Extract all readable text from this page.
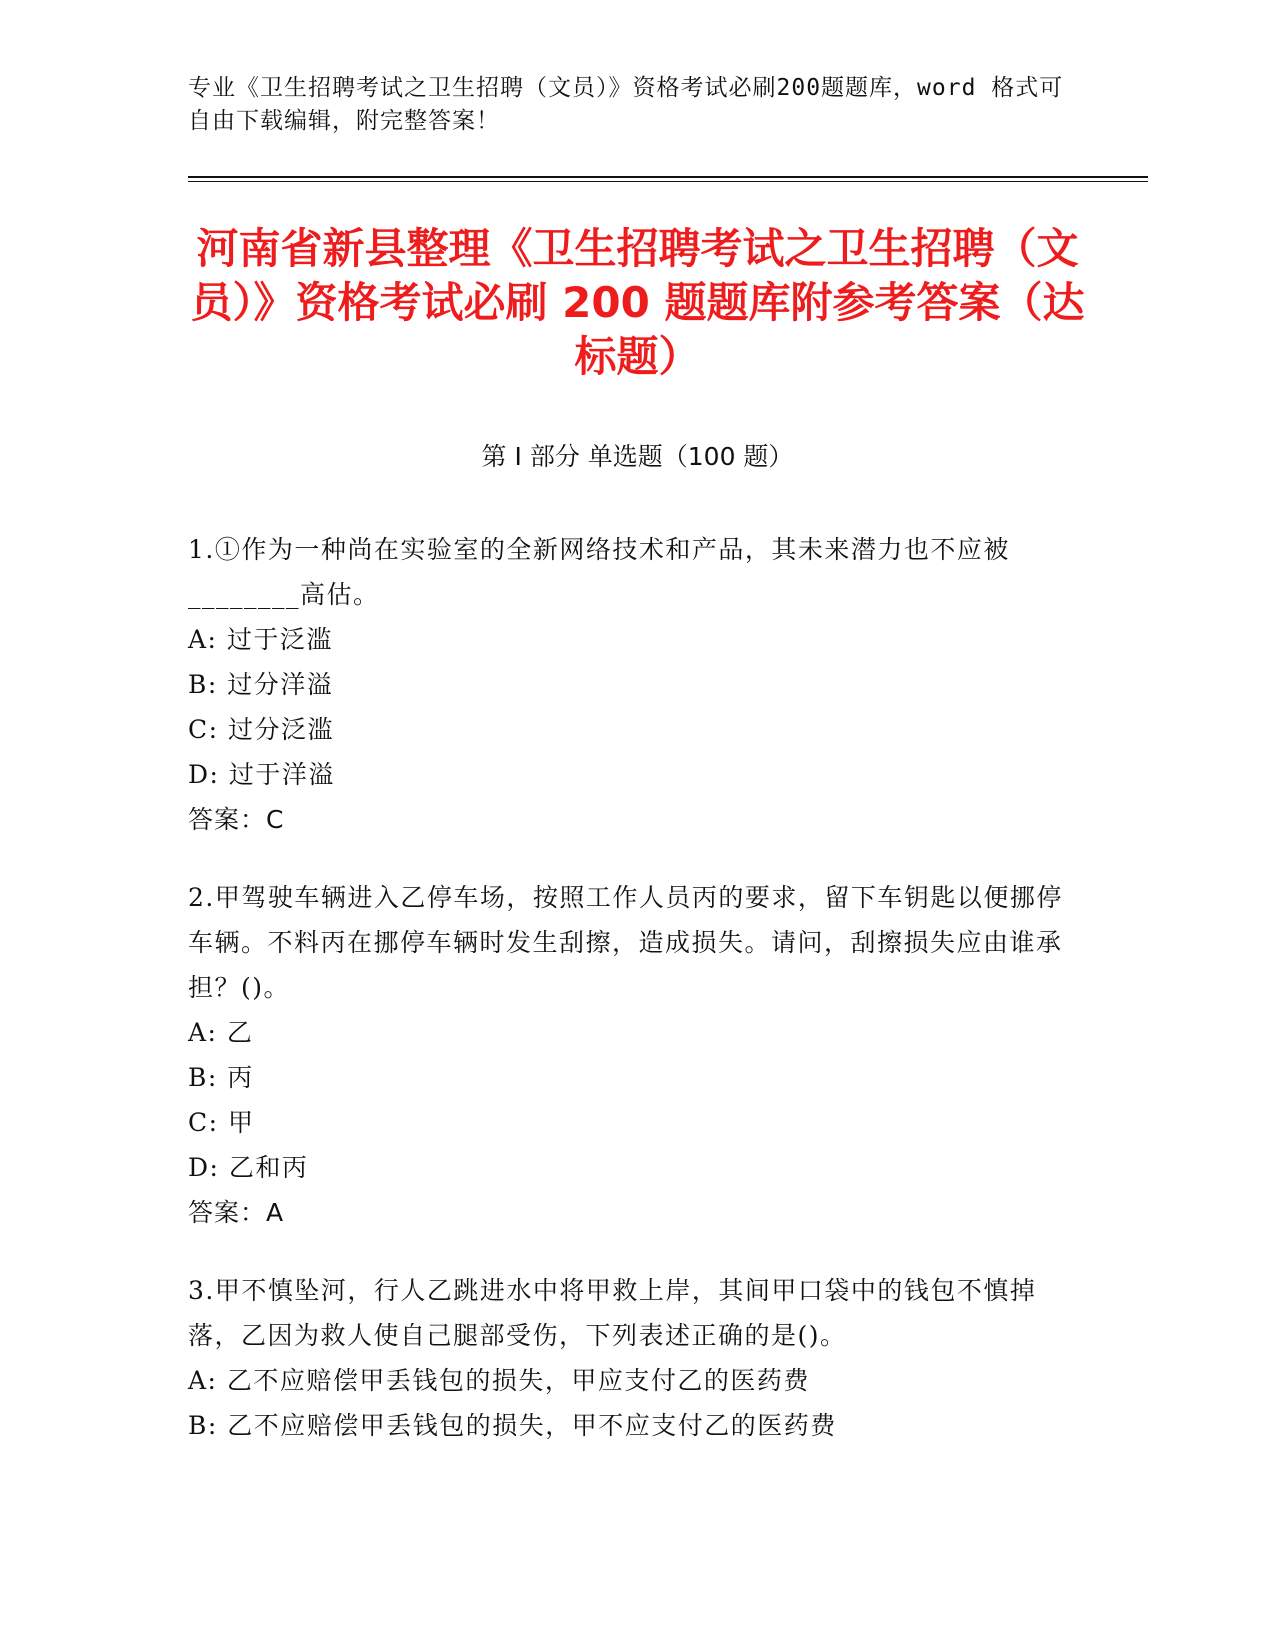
专业《卫生招聘考试之卫生招聘（文员）》资格考试必刷200题题库，word 格式可自由下载编辑，附完整答案！
河南省新县整理《卫生招聘考试之卫生招聘（文员）》资格考试必刷 200 题题库附参考答案（达标题）
第 I 部分 单选题（100 题）
1.①作为一种尚在实验室的全新网络技术和产品，其未来潜力也不应被________高估。
A: 过于泛滥
B: 过分洋溢
C: 过分泛滥
D: 过于洋溢
答案：C
2.甲驾驶车辆进入乙停车场，按照工作人员丙的要求，留下车钥匙以便挪停车辆。不料丙在挪停车辆时发生刮擦，造成损失。请问，刮擦损失应由谁承担？()。
A: 乙
B: 丙
C: 甲
D: 乙和丙
答案：A
3.甲不慎坠河，行人乙跳进水中将甲救上岸，其间甲口袋中的钱包不慎掉落，乙因为救人使自己腿部受伤，下列表述正确的是()。
A: 乙不应赔偿甲丢钱包的损失，甲应支付乙的医药费
B: 乙不应赔偿甲丢钱包的损失，甲不应支付乙的医药费
